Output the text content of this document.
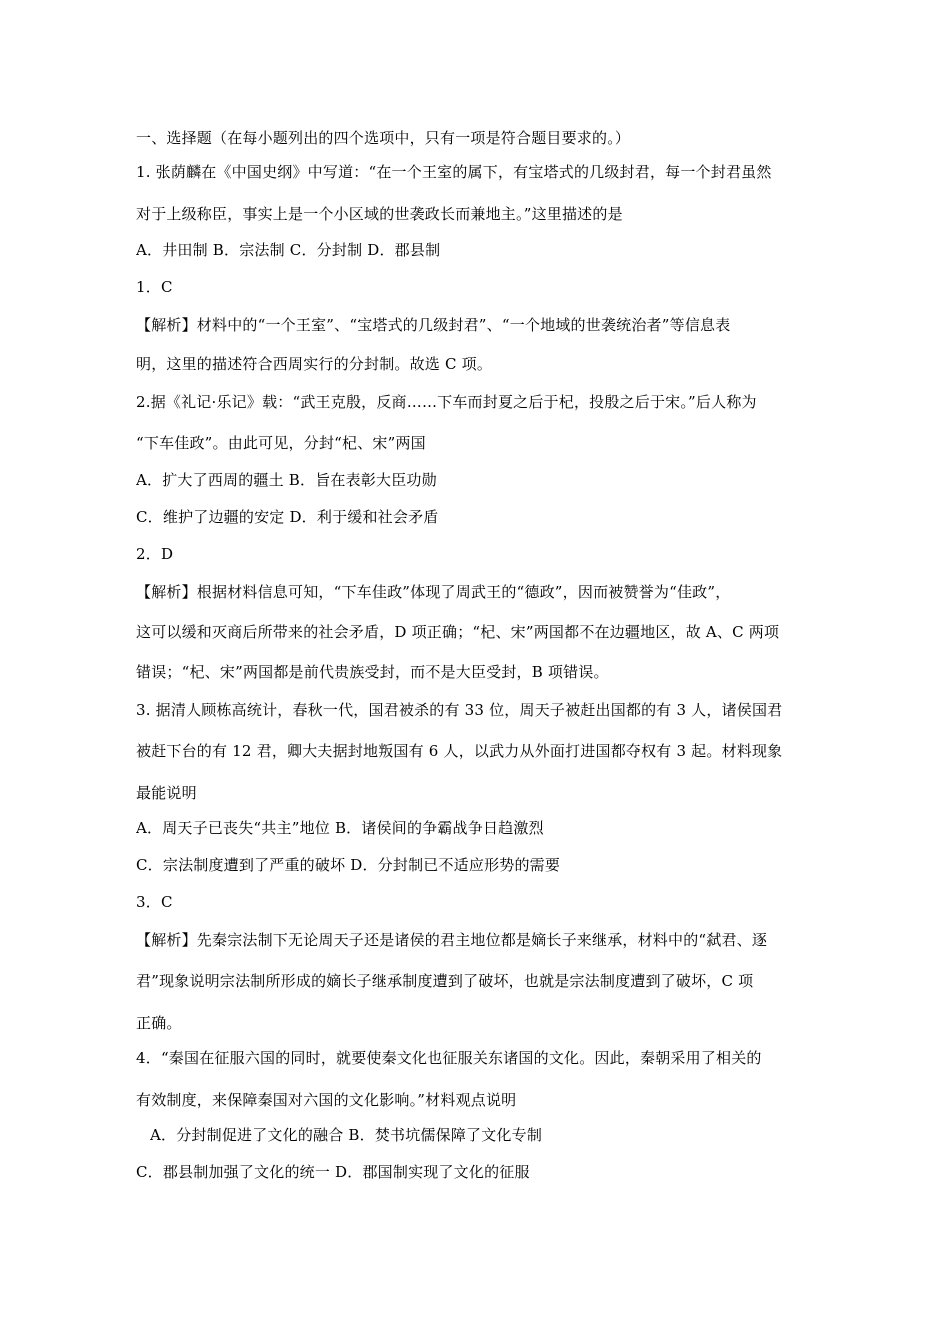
一、选择题（在每小题列出的四个选项中，只有一项是符合题目要求的。）
1. 张荫麟在《中国史纲》中写道：“在一个王室的属下，有宝塔式的几级封君，每一个封君虽然
对于上级称臣，事实上是一个小区域的世袭政长而兼地主。”这里描述的是
A．井田制 B．宗法制 C．分封制 D．郡县制
1．C
【解析】材料中的“一个王室”、“宝塔式的几级封君”、“一个地域的世袭统治者”等信息表
明，这里的描述符合西周实行的分封制。故选 C 项。
2.据《礼记·乐记》载：“武王克殷，反商……下车而封夏之后于杞，投殷之后于宋。”后人称为
“下车佳政”。由此可见，分封“杞、宋”两国
A．扩大了西周的疆土 B．旨在表彰大臣功勋
C．维护了边疆的安定 D．利于缓和社会矛盾
2．D
【解析】根据材料信息可知，“下车佳政”体现了周武王的“德政”，因而被赞誉为“佳政”，
这可以缓和灭商后所带来的社会矛盾，D 项正确；“杞、宋”两国都不在边疆地区，故 A、C 两项
错误；“杞、宋”两国都是前代贵族受封，而不是大臣受封，B 项错误。
3. 据清人顾栋高统计，春秋一代，国君被杀的有 33 位，周天子被赶出国都的有 3 人，诸侯国君
被赶下台的有 12 君，卿大夫据封地叛国有 6 人，以武力从外面打进国都夺权有 3 起。材料现象
最能说明
A．周天子已丧失“共主”地位 B．诸侯间的争霸战争日趋激烈
C．宗法制度遭到了严重的破坏 D．分封制已不适应形势的需要
3．C
【解析】先秦宗法制下无论周天子还是诸侯的君主地位都是嫡长子来继承，材料中的“弑君、逐
君”现象说明宗法制所形成的嫡长子继承制度遭到了破坏，也就是宗法制度遭到了破坏，C 项
正确。
4．“秦国在征服六国的同时，就要使秦文化也征服关东诸国的文化。因此，秦朝采用了相关的
有效制度，来保障秦国对六国的文化影响。”材料观点说明
A．分封制促进了文化的融合 B．焚书坑儒保障了文化专制
C．郡县制加强了文化的统一 D．郡国制实现了文化的征服
